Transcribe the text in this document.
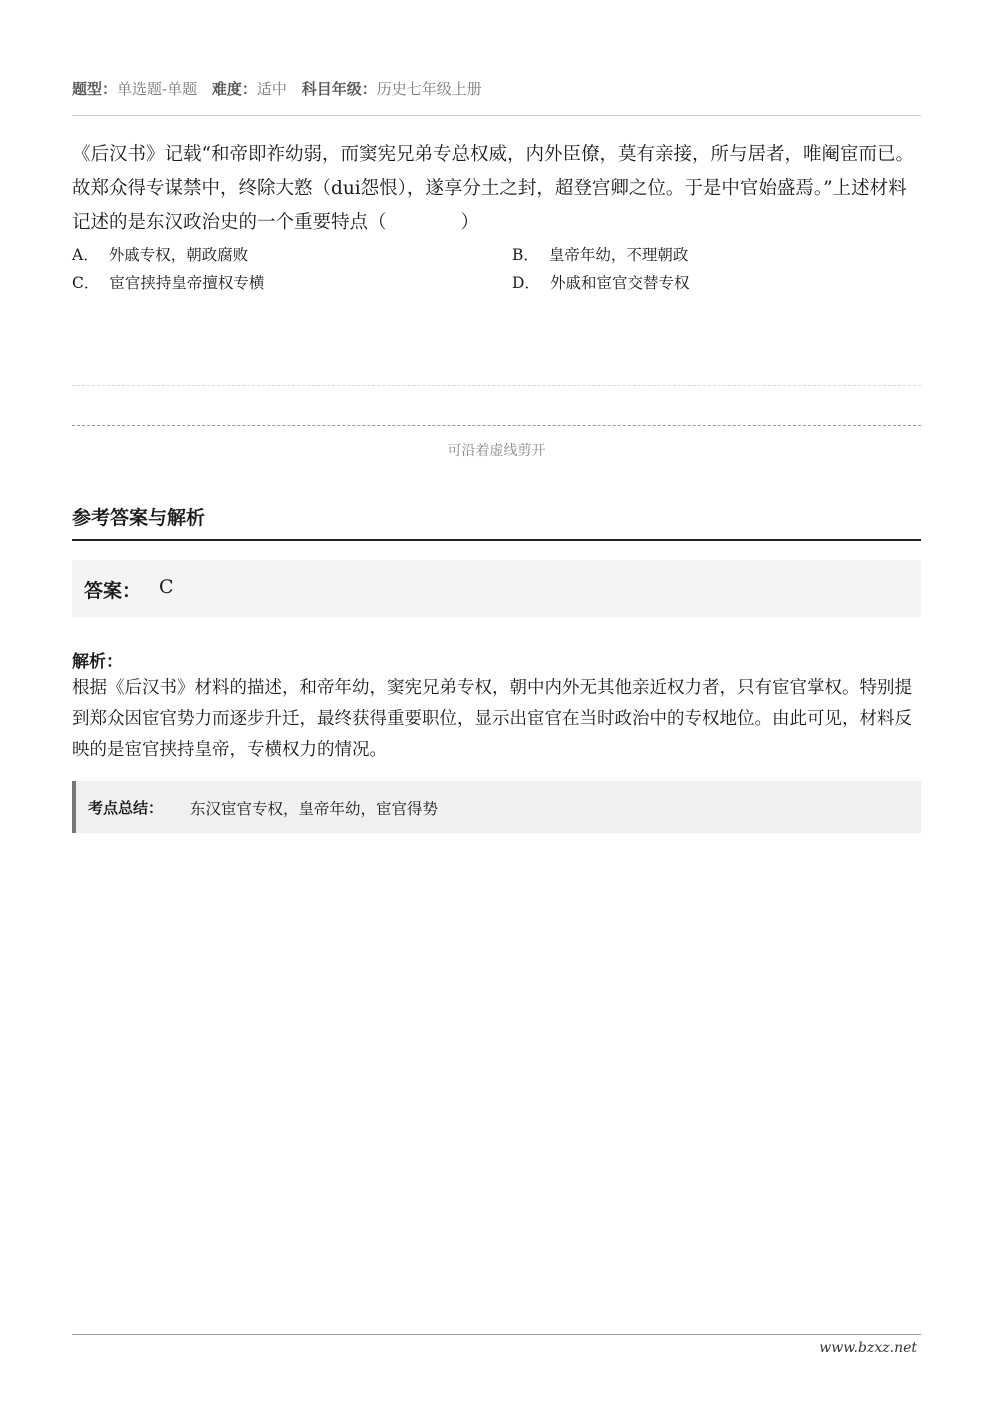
题型：单选题-单题 难度：适中 科目年级：历史七年级上册
《后汉书》记载“和帝即祚幼弱，而窦宪兄弟专总权威，内外臣僚，莫有亲接，所与居者，唯阉宦而已。故郑众得专谋禁中，终除大憝（dui怨恨），遂享分土之封，超登宫卿之位。于是中官始盛焉。”上述材料记述的是东汉政治史的一个重要特点（　　　　）
A． 外戚专权，朝政腐败	B． 皇帝年幼，不理朝政
C． 宦官挟持皇帝擅权专横	D． 外戚和宦官交替专权
可沿着虚线剪开
参考答案与解析
答案： C
解析：
根据《后汉书》材料的描述，和帝年幼，窦宪兄弟专权，朝中内外无其他亲近权力者，只有宦官掌权。特别提到郑众因宦官势力而逐步升迁，最终获得重要职位，显示出宦官在当时政治中的专权地位。由此可见，材料反映的是宦官挟持皇帝，专横权力的情况。
考点总结： 东汉宦官专权，皇帝年幼，宦官得势
www.bzxz.net
